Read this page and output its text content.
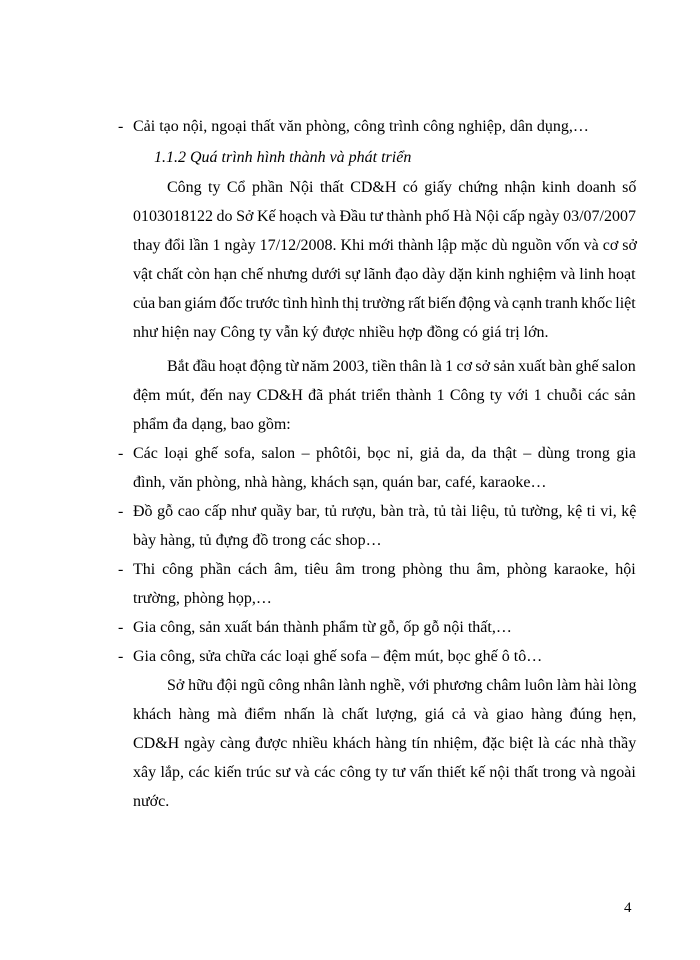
- Cải tạo nội, ngoại thất văn phòng, công trình công nghiệp, dân dụng,…
1.1.2 Quá trình hình thành và phát triển
Công ty Cổ phần Nội thất CD&H có giấy chứng nhận kinh doanh số
0103018122 do Sở Kế hoạch và Đầu tư thành phố Hà Nội cấp ngày 03/07/2007
thay đổi lần 1 ngày 17/12/2008. Khi mới thành lập mặc dù nguồn vốn và cơ sở
vật chất còn hạn chế nhưng dưới sự lãnh đạo dày dặn kinh nghiệm và linh hoạt
của ban giám đốc trước tình hình thị trường rất biến động và cạnh tranh khốc liệt
như hiện nay Công ty vẫn ký được nhiều hợp đồng có giá trị lớn.
Bắt đầu hoạt động từ năm 2003, tiền thân là 1 cơ sở sản xuất bàn ghế salon
đệm mút, đến nay CD&H đã phát triển thành 1 Công ty với 1 chuỗi các sản
phẩm đa dạng, bao gồm:
- Các loại ghế sofa, salon – phôtôi, bọc nỉ, giả da, da thật – dùng trong gia
đình, văn phòng, nhà hàng, khách sạn, quán bar, café, karaoke…
- Đồ gỗ cao cấp như quầy bar, tủ rượu, bàn trà, tủ tài liệu, tủ tường, kệ ti vi, kệ
bày hàng, tủ đựng đồ trong các shop…
- Thi công phần cách âm, tiêu âm trong phòng thu âm, phòng karaoke, hội
trường, phòng họp,…
- Gia công, sản xuất bán thành phẩm từ gỗ, ốp gỗ nội thất,…
- Gia công, sửa chữa các loại ghế sofa – đệm mút, bọc ghế ô tô…
Sở hữu đội ngũ công nhân lành nghề, với phương châm luôn làm hài lòng
khách hàng mà điểm nhấn là chất lượng, giá cả và giao hàng đúng hẹn,
CD&H ngày càng được nhiều khách hàng tín nhiệm, đặc biệt là các nhà thầy
xây lắp, các kiến trúc sư và các công ty tư vấn thiết kế nội thất trong và ngoài
nước.
4
